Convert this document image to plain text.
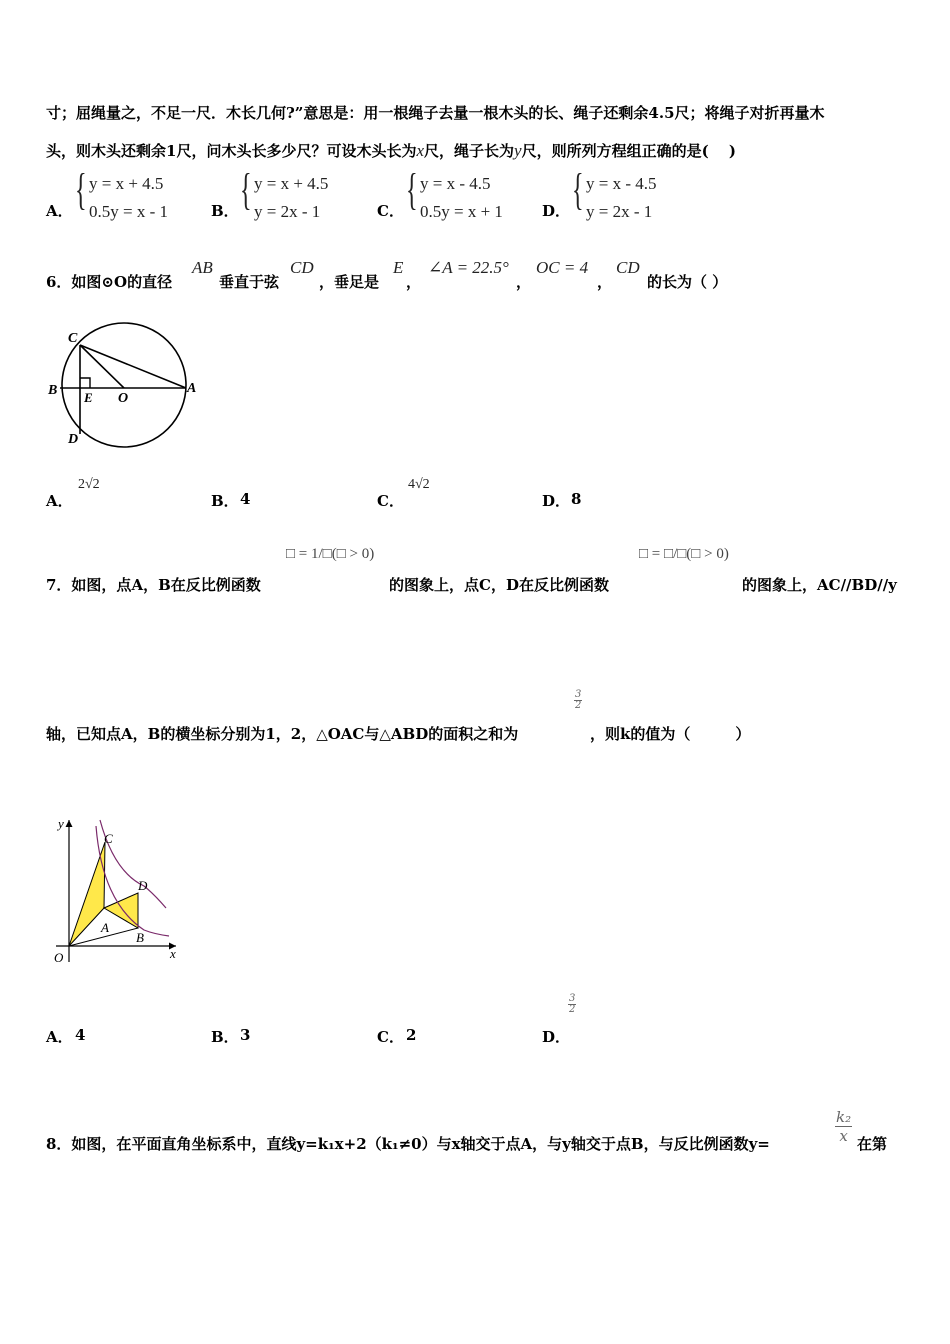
寸；屈绳量之，不足一尺．木长几何?”意思是：用一根绳子去量一根木头的长、绳子还剩余4.5尺；将绳子对折再量木
头，则木头还剩余1尺，问木头长多少尺？可设木头长为x尺，绳子长为y尺，则所列方程组正确的是(　 )
A． { y = x + 4.5
0.5y = x - 1	B． { y = x + 4.5
y = 2x - 1	C． { y = x - 4.5
0.5y = x + 1	D． { y = x - 4.5
y = 2x - 1
6．如图⊙O的直径
AB
垂直于弦
CD
，垂足是
E
，
∠A = 22.5°
，
OC = 4
，
CD
的长为（ ）
C
B E O
A
D
A．
2√2
B． 4	C．
4√2
D． 8
□ = 1/□(□ > 0)	□ = □/□(□ > 0)
7．如图，点A，B在反比例函数	的图象上，点C，D在反比例函数	的图象上，AC//BD//y
轴，已知点A，B的横坐标分别为1，2，△OAC与△ABD的面积之和为
$\frac{3}{2}$
，则k的值为（　　　）
y
x
O
C
D
A
B
A． 4	B． 3	C． 2	D．
$\frac{3}{2}$
8．如图，在平面直角坐标系中，直线y=k₁x+2（k₁≠0）与x轴交于点A，与y轴交于点B，与反比例函数y=	$\frac{\text{k₂}}{x}$ 在第
